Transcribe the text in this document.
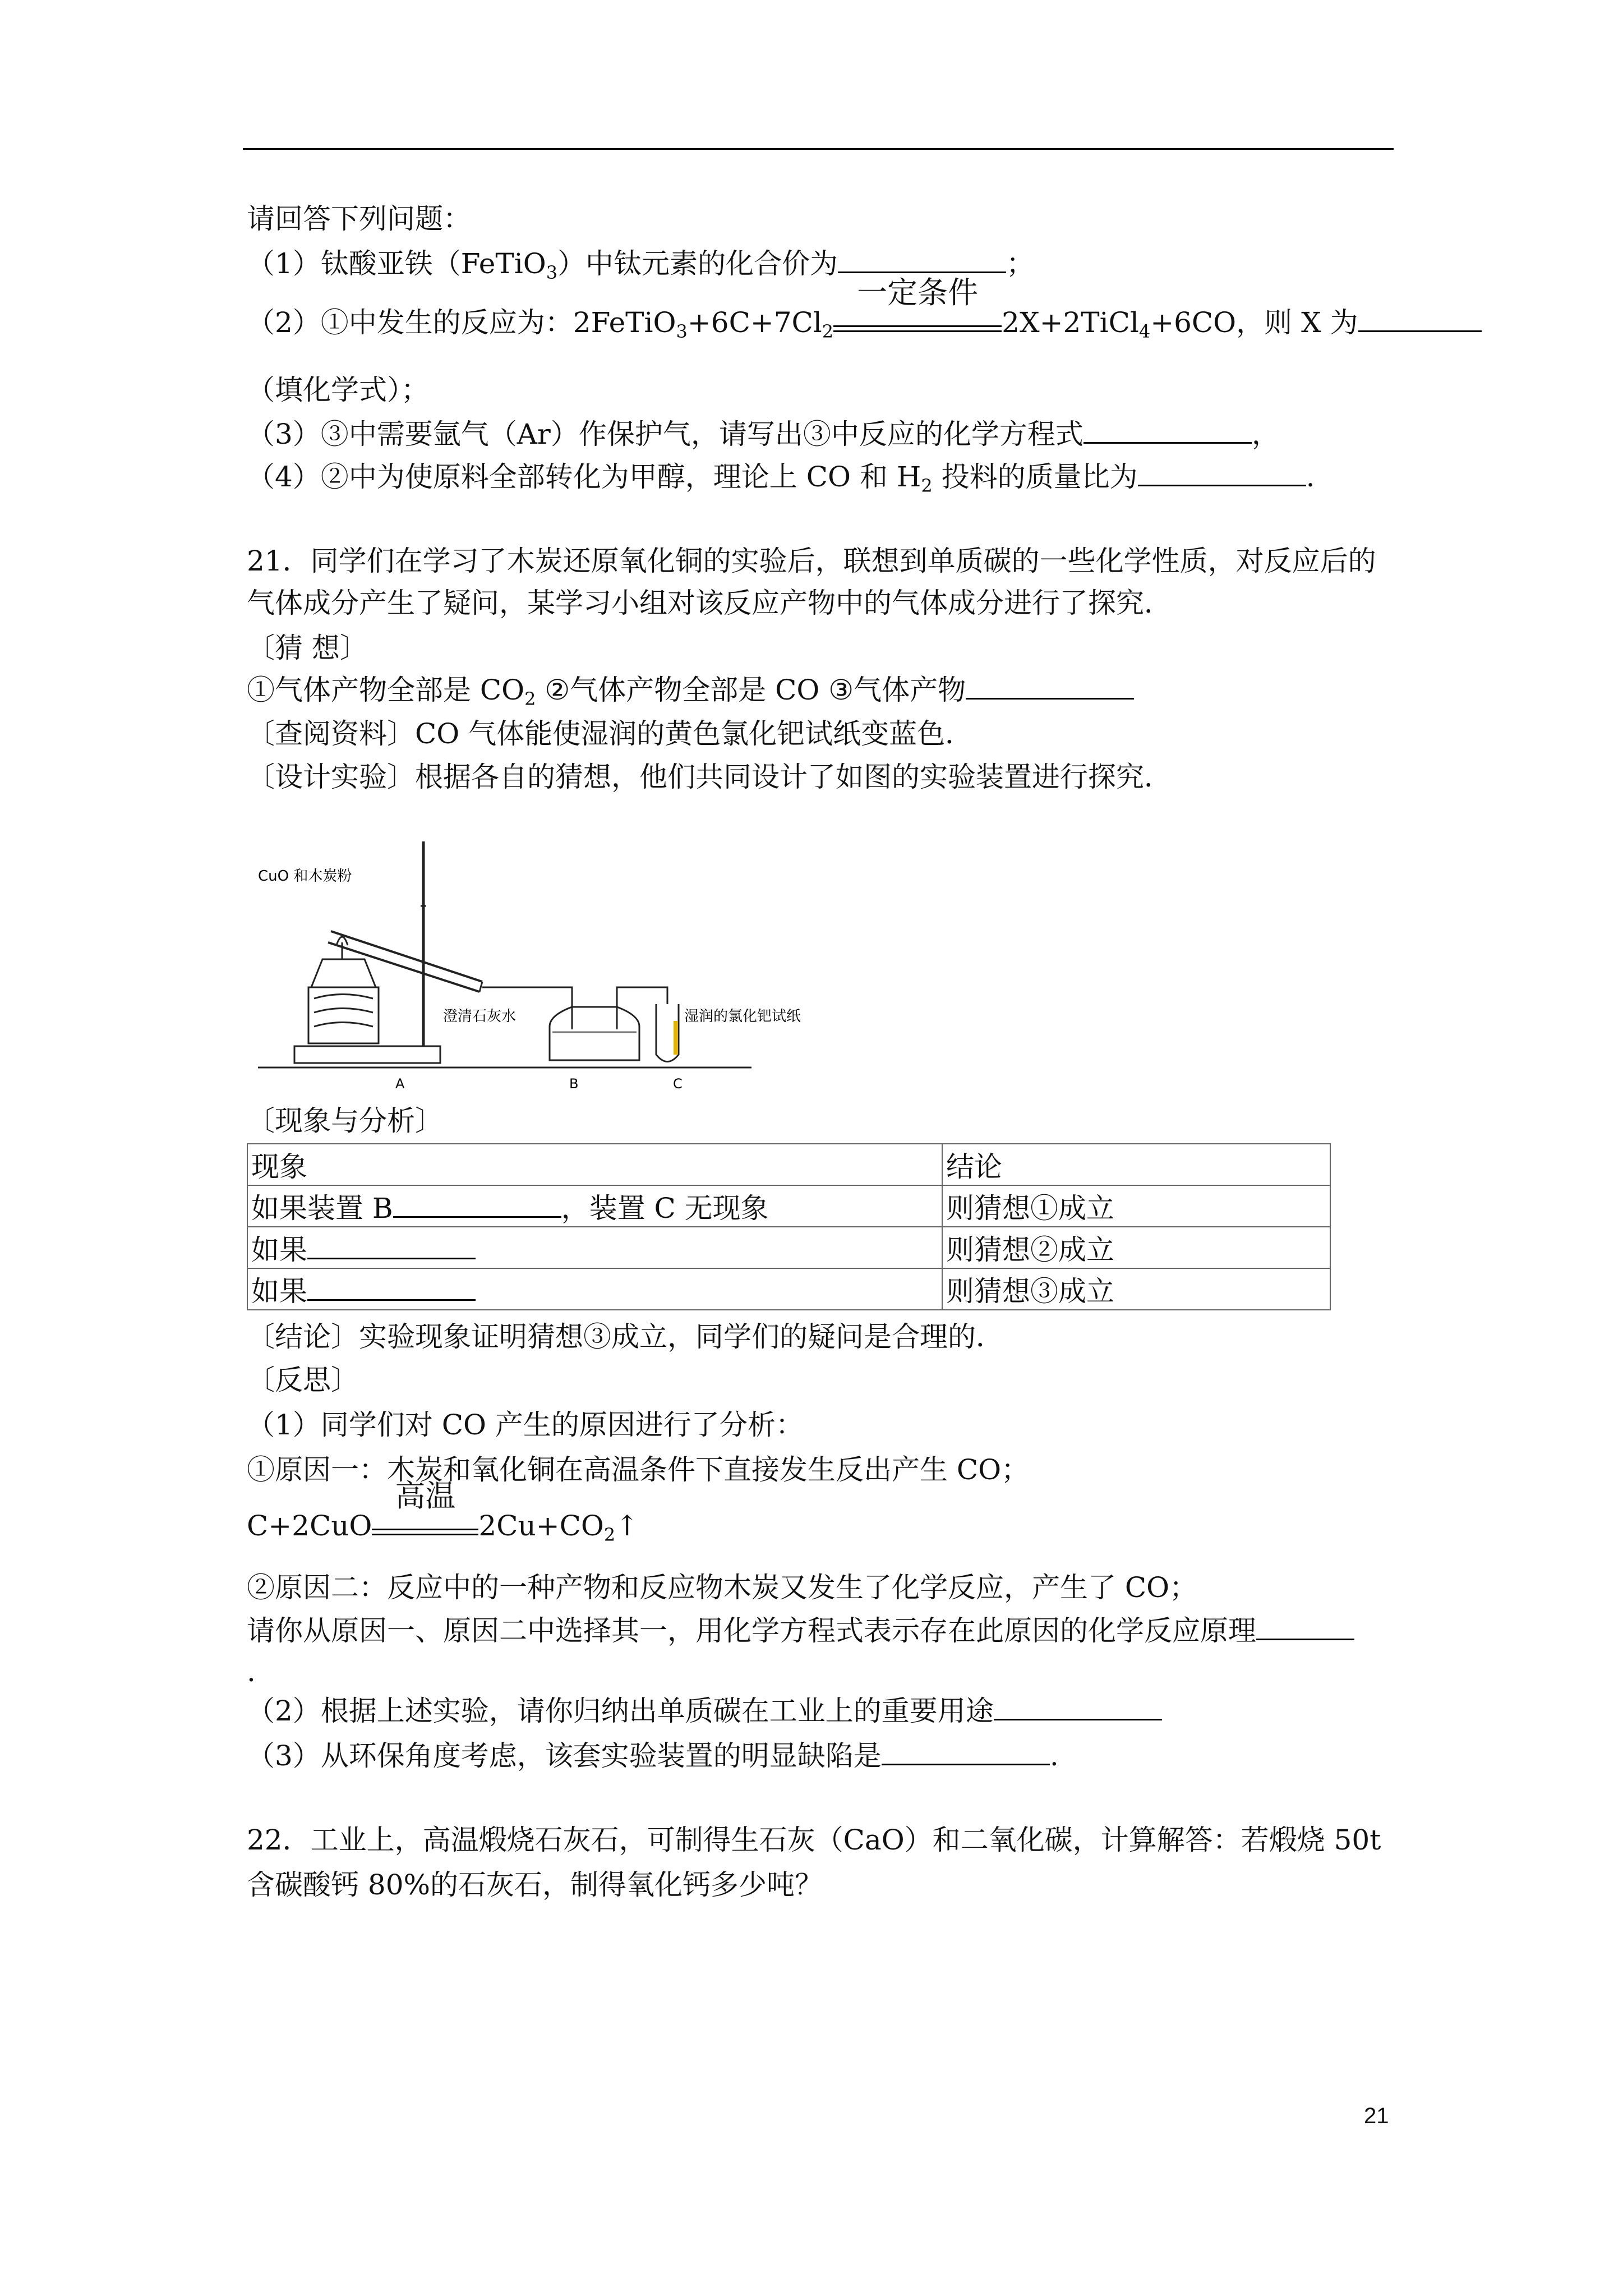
请回答下列问题：
（1）钛酸亚铁（FeTiO$_3$）中钛元素的化合价为	；
（2）①中发生的反应为：$2FeTiO_3+6C+7Cl_2$
一定条件
2X+2TiCl$_4$+6CO，则 X 为
（填化学式）；
（3）③中需要氩气（Ar）作保护气，请写出③中反应的化学方程式	，
（4）②中为使原料全部转化为甲醇，理论上 CO 和 $H_2$ 投料的质量比为	.
21．同学们在学习了木炭还原氧化铜的实验后，联想到单质碳的一些化学性质，对反应后的
气体成分产生了疑问，某学习小组对该反应产物中的气体成分进行了探究．
〔猜 想〕
①气体产物全部是 $CO_2$ ②气体产物全部是 CO ③气体产物
〔查阅资料〕CO 气体能使湿润的黄色氯化钯试纸变蓝色．
〔设计实验〕根据各自的猜想，他们共同设计了如图的实验装置进行探究．
CuO 和木炭粉
澄清石灰水	湿润的氯化钯试纸
A	B	C
〔现象与分析〕
现象	结论
如果装置 B ，装置 C 无现象	则猜想①成立
如果	则猜想②成立
如果	则猜想③成立
〔结论〕实验现象证明猜想③成立，同学们的疑问是合理的．
〔反思〕
（1）同学们对 CO 产生的原因进行了分析：
①原因一：木炭和氧化铜在高温条件下直接发生反出产生 CO；
C+2CuO
高温
$2Cu+CO_2↑$
②原因二：反应中的一种产物和反应物木炭又发生了化学反应，产生了 CO；
请你从原因一、原因二中选择其一，用化学方程式表示存在此原因的化学反应原理
.
（2）根据上述实验，请你归纳出单质碳在工业上的重要用途
（3）从环保角度考虑，该套实验装置的明显缺陷是	.
22．工业上，高温煅烧石灰石，可制得生石灰（CaO）和二氧化碳，计算解答：若煅烧 50t
含碳酸钙 80%的石灰石，制得氧化钙多少吨？
21
